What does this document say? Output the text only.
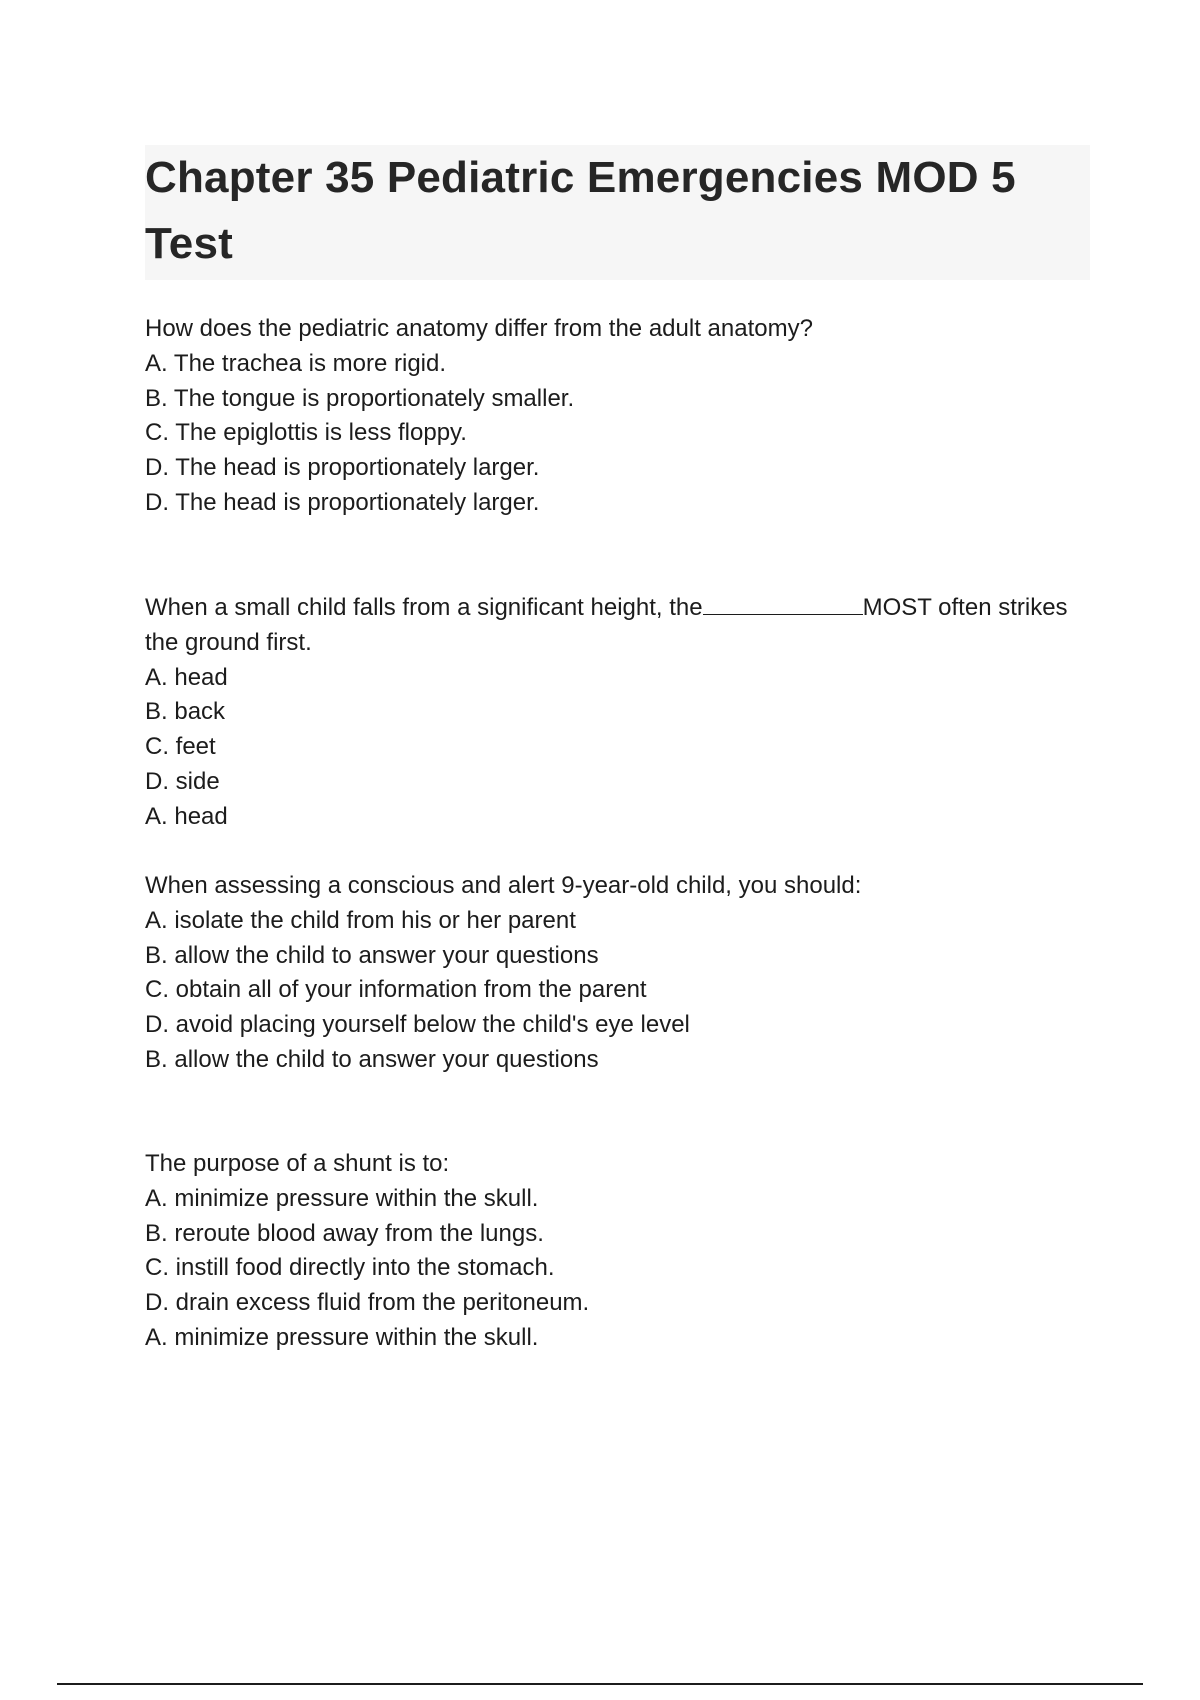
Chapter 35 Pediatric Emergencies MOD 5 Test

How does the pediatric anatomy differ from the adult anatomy?

A. The trachea is more rigid.

B. The tongue is proportionately smaller.

C. The epiglottis is less floppy.

D. The head is proportionately larger.

D. The head is proportionately larger.

When a small child falls from a significant height, the	MOST often strikes the ground first.

A. head

B. back

C. feet

D. side

A. head

When assessing a conscious and alert 9-year-old child, you should:

A. isolate the child from his or her parent

B. allow the child to answer your questions

C. obtain all of your information from the parent

D. avoid placing yourself below the child's eye level

B. allow the child to answer your questions

The purpose of a shunt is to:

A. minimize pressure within the skull.

B. reroute blood away from the lungs.

C. instill food directly into the stomach.

D. drain excess fluid from the peritoneum.

A. minimize pressure within the skull.
